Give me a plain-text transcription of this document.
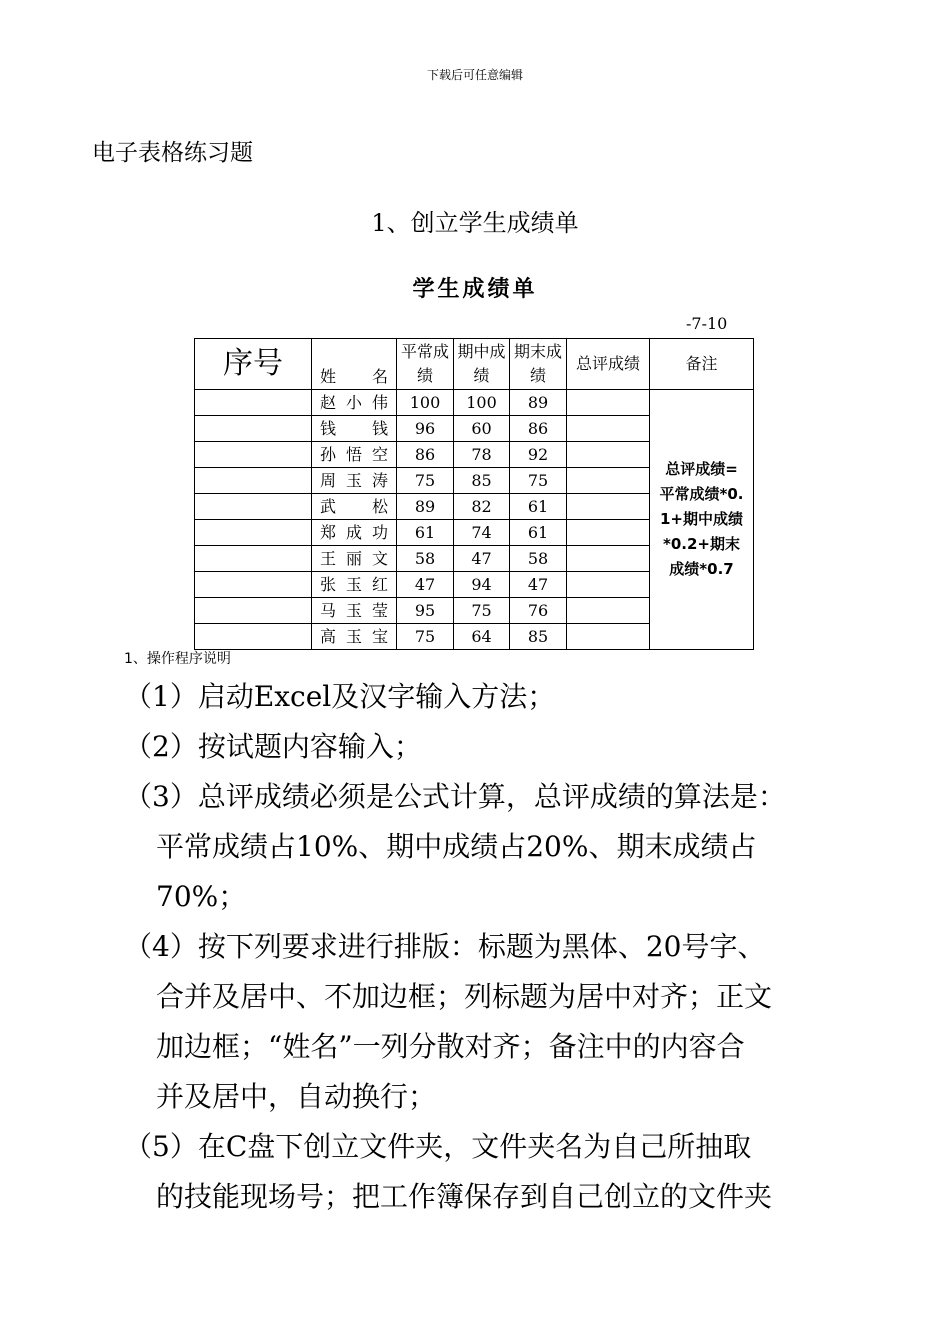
下载后可任意编辑
电子表格练习题
1、创立学生成绩单
学生成绩单
-7-10
序号	姓　名	平常成绩	期中成绩	期末成绩	总评成绩	备注
	赵小伟	100	100	89		总评成绩=平常成绩*0.1+期中成绩*0.2+期末成绩*0.7

	钱钱	96	60	86		
	孙悟空	86	78	92		
	周玉涛	75	85	75		
	武松	89	82	61		
	郑成功	61	74	61		
	王丽文	58	47	58		
	张玉红	47	94	47		
	马玉莹	95	75	76		
	高玉宝	75	64	85		
1、操作程序说明
（1）启动Excel及汉字输入方法；
（2）按试题内容输入；
（3）总评成绩必须是公式计算，总评成绩的算法是：
平常成绩占10%、期中成绩占20%、期末成绩占
70%；
（4）按下列要求进行排版：标题为黑体、20号字、
合并及居中、不加边框；列标题为居中对齐；正文
加边框；“姓名”一列分散对齐；备注中的内容合
并及居中，自动换行；
（5）在C盘下创立文件夹，文件夹名为自己所抽取
的技能现场号；把工作簿保存到自己创立的文件夹
